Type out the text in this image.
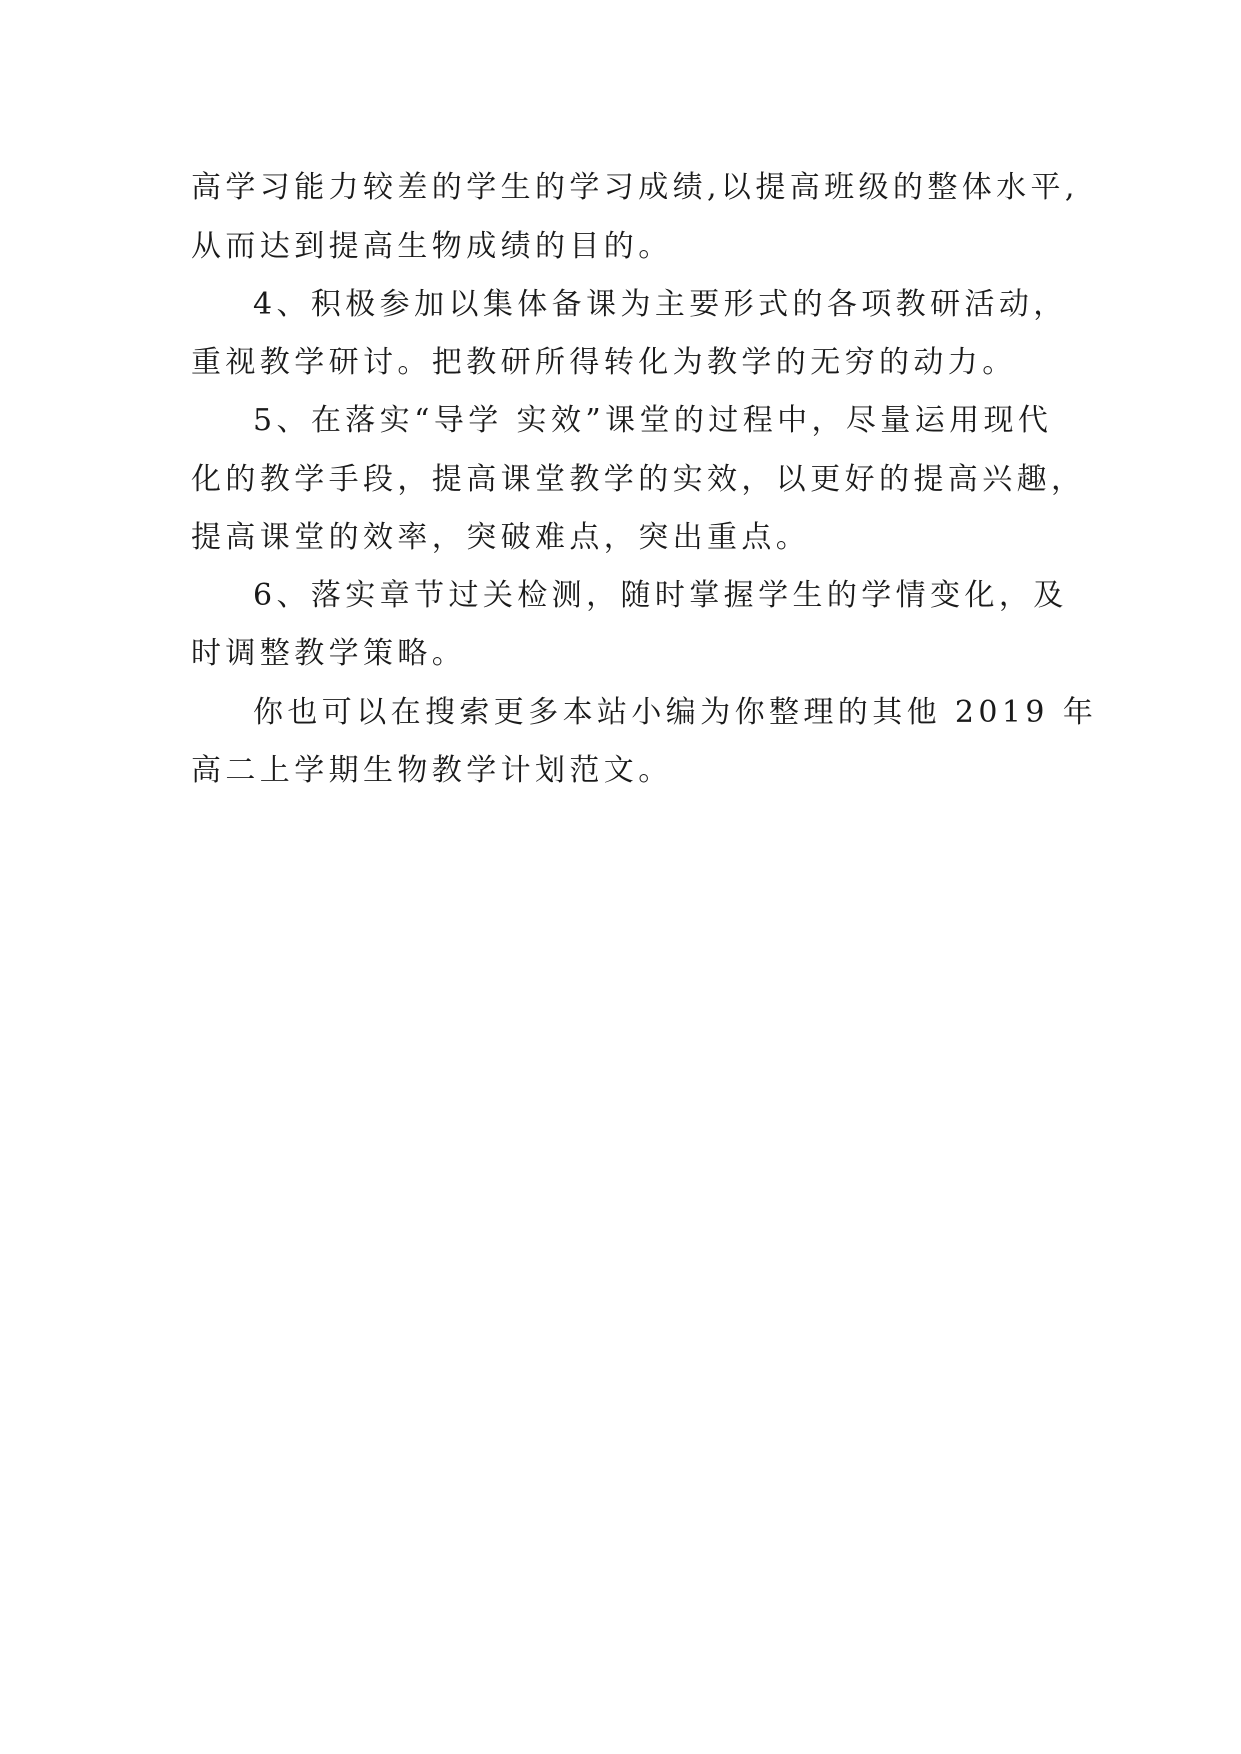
高学习能力较差的学生的学习成绩,以提高班级的整体水平,
从而达到提高生物成绩的目的。
4、积极参加以集体备课为主要形式的各项教研活动，
重视教学研讨。把教研所得转化为教学的无穷的动力。
5、在落实“导学 实效”课堂的过程中，尽量运用现代
化的教学手段，提高课堂教学的实效，以更好的提高兴趣，
提高课堂的效率，突破难点，突出重点。
6、落实章节过关检测，随时掌握学生的学情变化，及
时调整教学策略。
你也可以在搜索更多本站小编为你整理的其他 2019 年
高二上学期生物教学计划范文。
